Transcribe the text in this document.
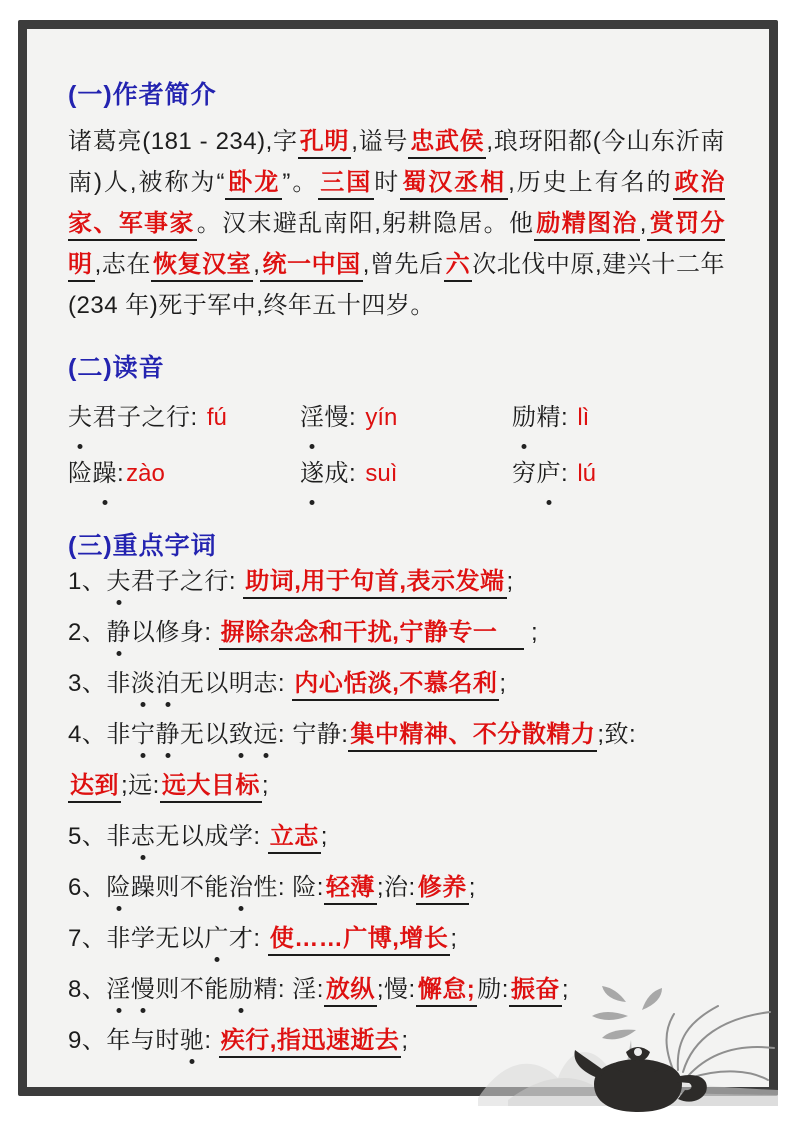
(一)作者简介
诸葛亮(181 - 234),字孔明,谥号忠武侯,琅玡阳都(今山东沂南南)人,被称为“卧龙”。三国时蜀汉丞相,历史上有名的政治家、军事家。汉末避乱南阳,躬耕隐居。他励精图治,赏罚分明,志在恢复汉室,统一中国,曾先后六次北伐中原,建兴十二年(234 年)死于军中,终年五十四岁。
(二)读音
夫君子之行: fú	淫慢: yín	励精: lì
险躁:zào	遂成: suì	穷庐: lú
(三)重点字词
1、夫君子之行: 助词,用于句首,表示发端;
2、静以修身: 摒除杂念和干扰,宁静专一　 ;
3、非淡泊无以明志: 内心恬淡,不慕名利;
4、非宁静无以致远: 宁静:集中精神、不分散精力;致:
达到;远:远大目标;
5、非志无以成学: 立志;
6、险躁则不能治性: 险:轻薄;治:修养;
7、非学无以广才: 使……广博,增长;
8、淫慢则不能励精: 淫:放纵;慢:懈怠;励:振奋;
9、年与时驰: 疾行,指迅速逝去;
